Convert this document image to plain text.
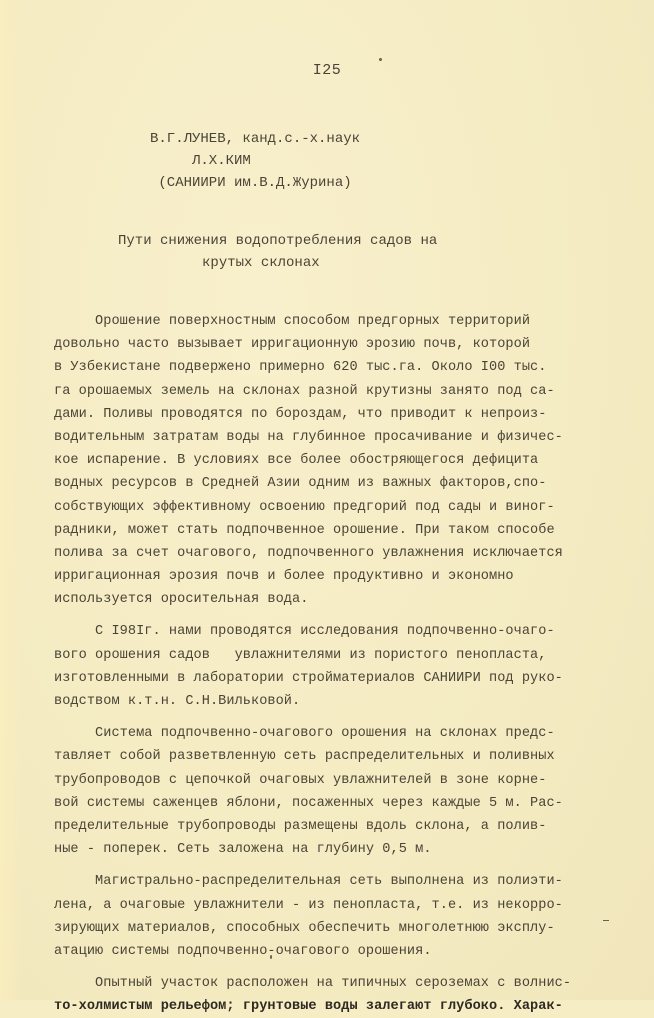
I25
В.Г.ЛУНЕВ, канд.с.-х.наук
Л.Х.КИМ
(САНИИРИ им.В.Д.Журина)
Пути снижения водопотребления садов на
крутых склонах
Орошение поверхностным способом предгорных территорий
довольно часто вызывает ирригационную эрозию почв, которой
в Узбекистане подвержено примерно 620 тыс.га. Около I00 тыс.
га орошаемых земель на склонах разной крутизны занято под са-
дами. Поливы проводятся по бороздам, что приводит к непроиз-
водительным затратам воды на глубинное просачивание и физичес-
кое испарение. В условиях все более обостряющегося дефицита
водных ресурсов в Средней Азии одним из важных факторов,спо-
собствующих эффективному освоению предгорий под сады и виног-
радники, может стать подпочвенное орошение. При таком способе
полива за счет очагового, подпочвенного увлажнения исключается
ирригационная эрозия почв и более продуктивно и экономно
используется оросительная вода.
С I98Iг. нами проводятся исследования подпочвенно-очаго-
вого орошения садов   увлажнителями из пористого пенопласта,
изготовленными в лаборатории стройматериалов САНИИРИ под руко-
водством к.т.н. С.Н.Вильковой.
Система подпочвенно-очагового орошения на склонах предс-
тавляет собой разветвленную сеть распределительных и поливных
трубопроводов с цепочкой очаговых увлажнителей в зоне корне-
вой системы саженцев яблони, посаженных через каждые 5 м. Рас-
пределительные трубопроводы размещены вдоль склона, а полив-
ные - поперек. Сеть заложена на глубину 0,5 м.
Магистрально-распределительная сеть выполнена из полиэти-
лена, а очаговые увлажнители - из пенопласта, т.е. из некорро-
зирующих материалов, способных обеспечить многолетнюю эксплу-
атацию системы подпочвенно-очагового орошения.
Опытный участок расположен на типичных сероземах с волнис-
то-холмистым рельефом; грунтовые воды залегают глубоко. Харак-
